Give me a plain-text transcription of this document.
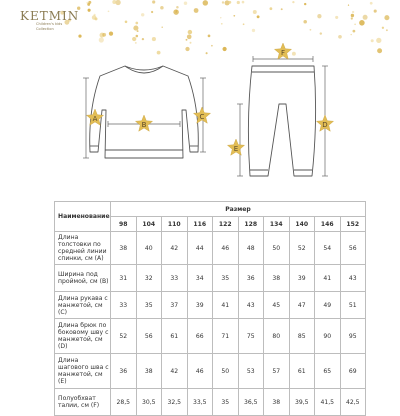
KETMIN
Children's kids Collection
A
B
C
D
E
F
Наименование	Размер									
	98	104	110	116	122	128	134	140	146	152
Длина толстовки по средней линии спинки, см (A)	38	40	42	44	46	48	50	52	54	56
Ширина под проймой, см (B)	31	32	33	34	35	36	38	39	41	43
Длина рукава с манжетой, см (C)	33	35	37	39	41	43	45	47	49	51
Длина брюк по боковому шву с манжетой, см (D)	52	56	61	66	71	75	80	85	90	95
Длина шагового шва с манжетой, см (E)	36	38	42	46	50	53	57	61	65	69
Полуобхват талии, см (F)	28,5	30,5	32,5	33,5	35	36,5	38	39,5	41,5	42,5
